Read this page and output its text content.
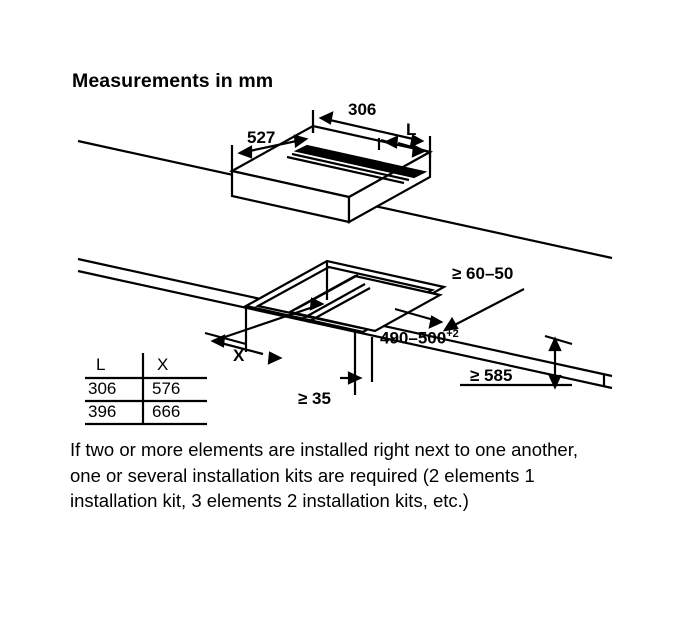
Measurements in mm
306
527	L
≥ 60–50
$490-500^{+2}$
≥ 585
≥ 35
X
L	X
306 576
396 666
If two or more elements are installed right next to one another, one or several installation kits are required (2 elements 1 installation kit, 3 elements 2 installation kits, etc.)
